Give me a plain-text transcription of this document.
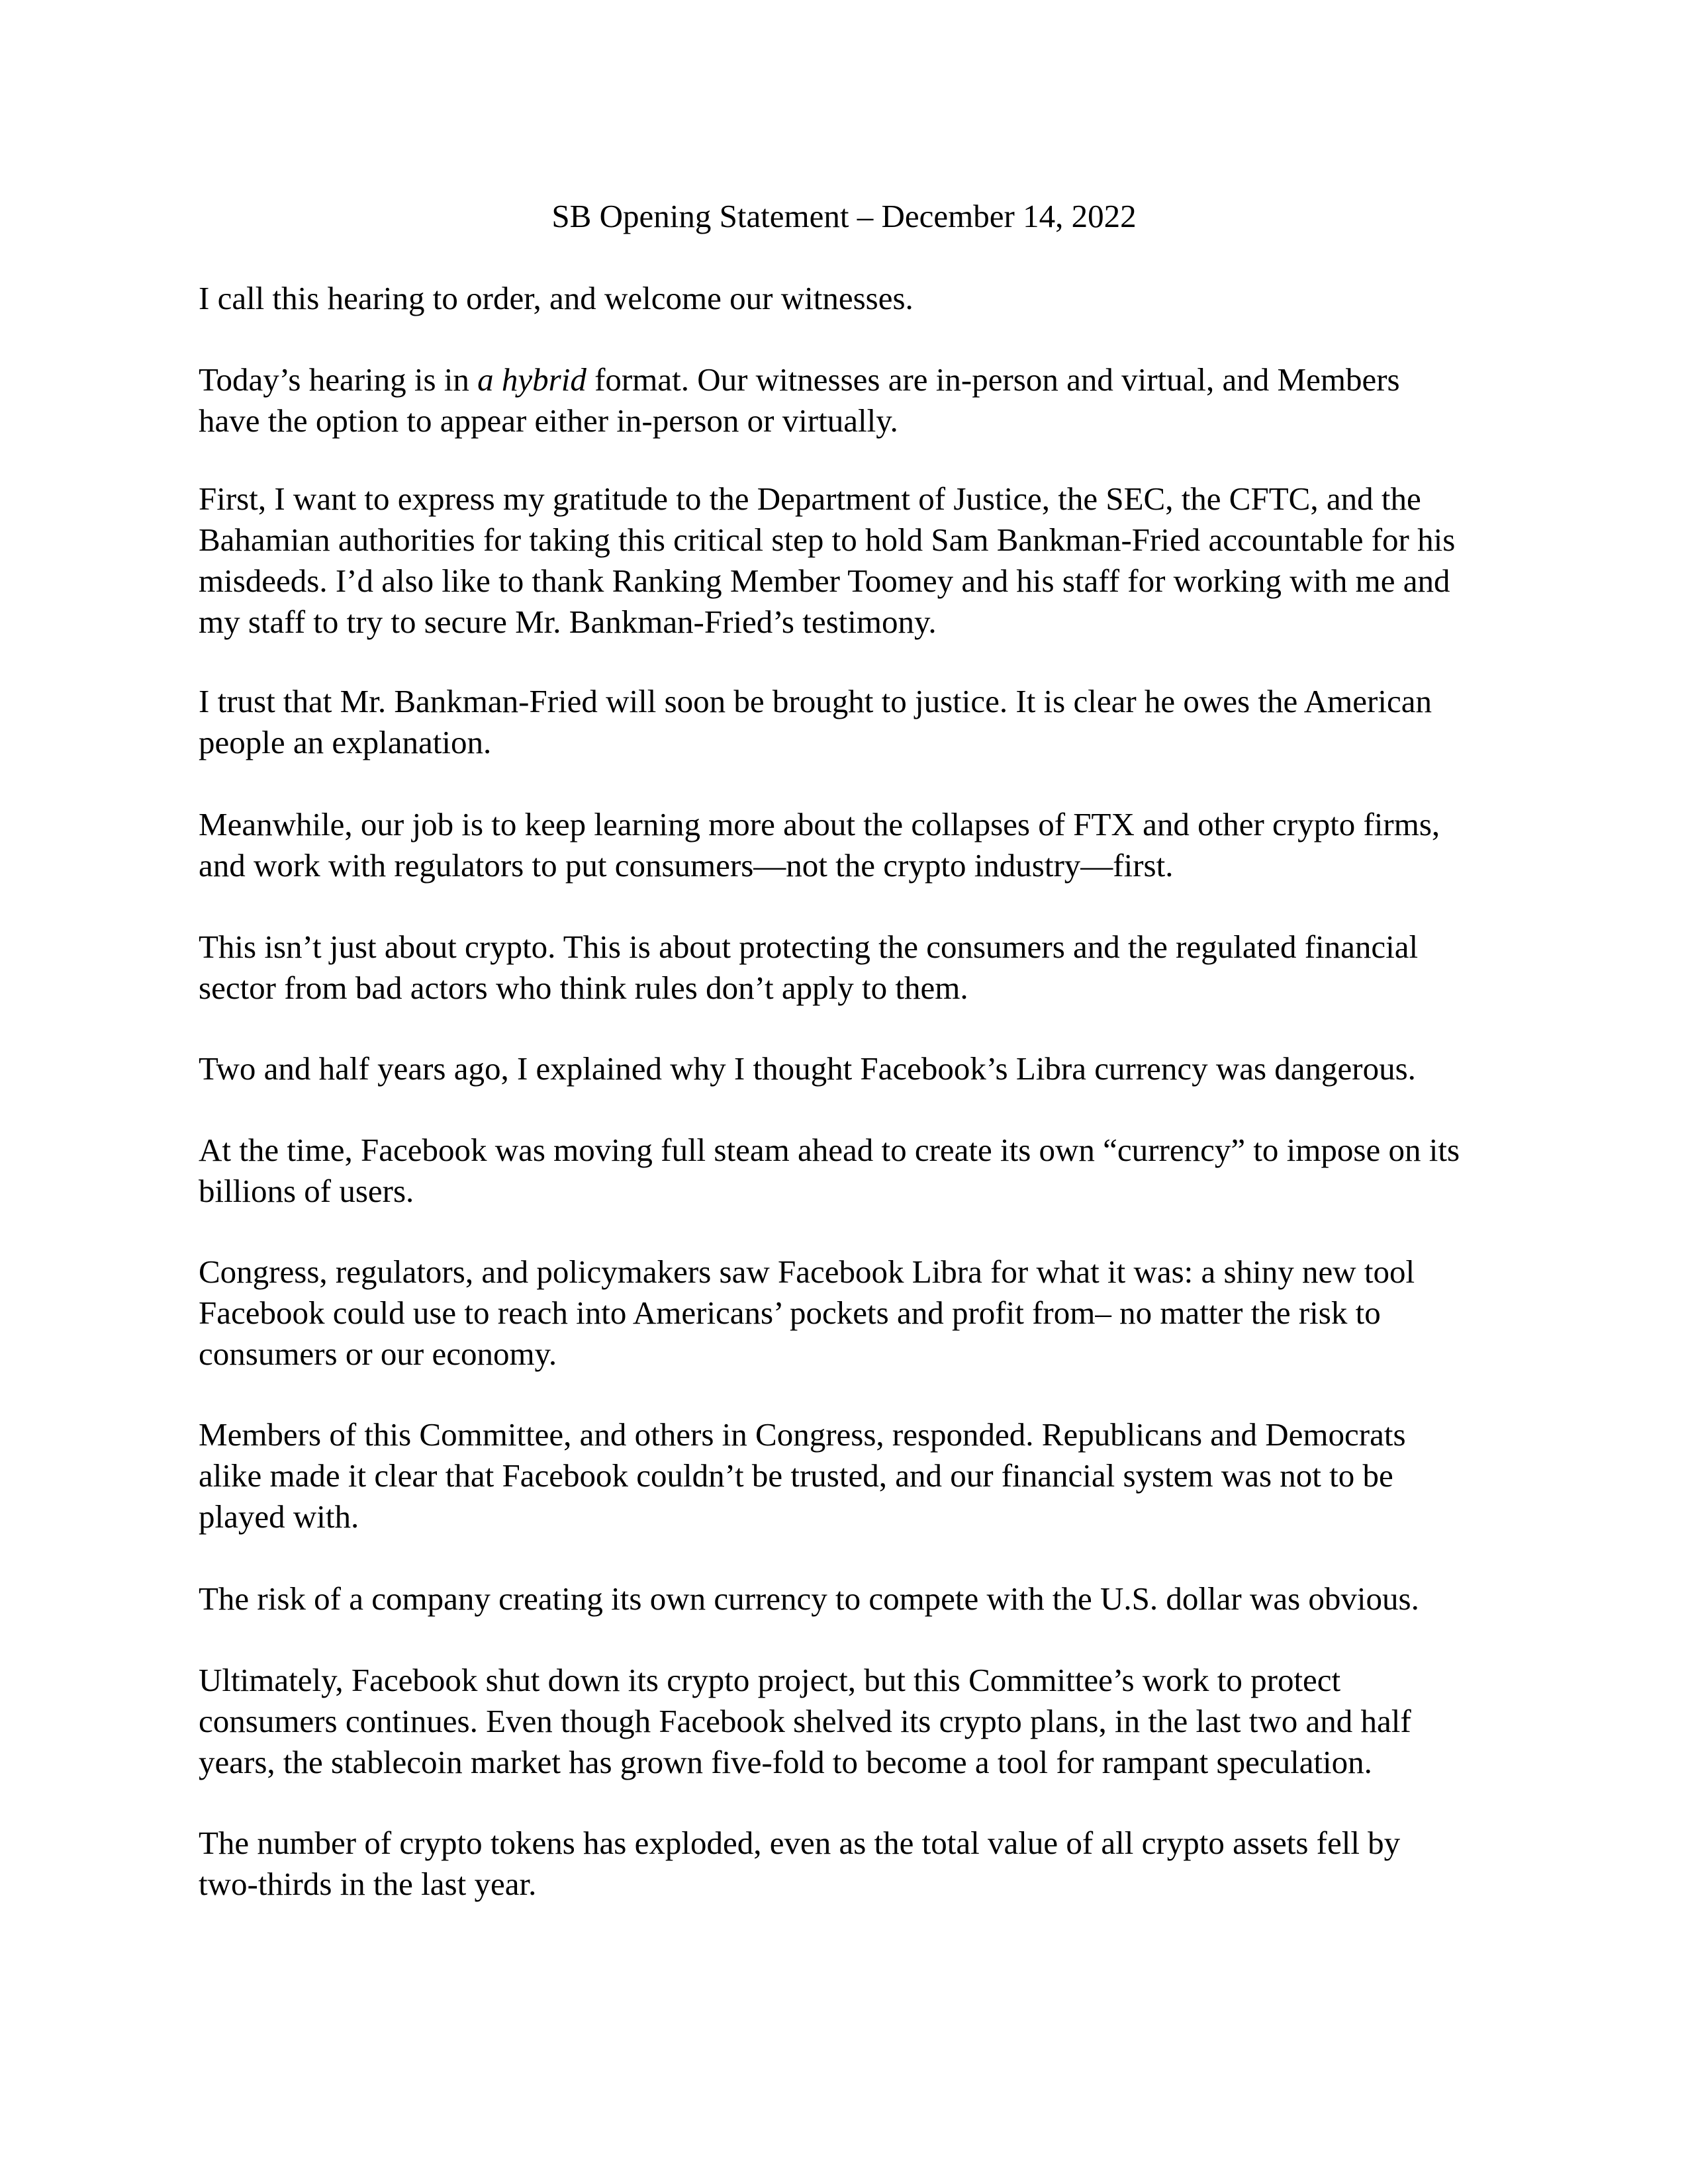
SB Opening Statement – December 14, 2022

I call this hearing to order, and welcome our witnesses.

Today’s hearing is in a hybrid format. Our witnesses are in-person and virtual, and Members
have the option to appear either in-person or virtually.

First, I want to express my gratitude to the Department of Justice, the SEC, the CFTC, and the
Bahamian authorities for taking this critical step to hold Sam Bankman-Fried accountable for his
misdeeds. I’d also like to thank Ranking Member Toomey and his staff for working with me and
my staff to try to secure Mr. Bankman-Fried’s testimony.

I trust that Mr. Bankman-Fried will soon be brought to justice. It is clear he owes the American
people an explanation.

Meanwhile, our job is to keep learning more about the collapses of FTX and other crypto firms,
and work with regulators to put consumers—not the crypto industry—first.

This isn’t just about crypto. This is about protecting the consumers and the regulated financial
sector from bad actors who think rules don’t apply to them.

Two and half years ago, I explained why I thought Facebook’s Libra currency was dangerous.

At the time, Facebook was moving full steam ahead to create its own “currency” to impose on its
billions of users.

Congress, regulators, and policymakers saw Facebook Libra for what it was: a shiny new tool
Facebook could use to reach into Americans’ pockets and profit from– no matter the risk to
consumers or our economy.

Members of this Committee, and others in Congress, responded. Republicans and Democrats
alike made it clear that Facebook couldn’t be trusted, and our financial system was not to be
played with.

The risk of a company creating its own currency to compete with the U.S. dollar was obvious.

Ultimately, Facebook shut down its crypto project, but this Committee’s work to protect
consumers continues. Even though Facebook shelved its crypto plans, in the last two and half
years, the stablecoin market has grown five-fold to become a tool for rampant speculation.

The number of crypto tokens has exploded, even as the total value of all crypto assets fell by
two-thirds in the last year.
